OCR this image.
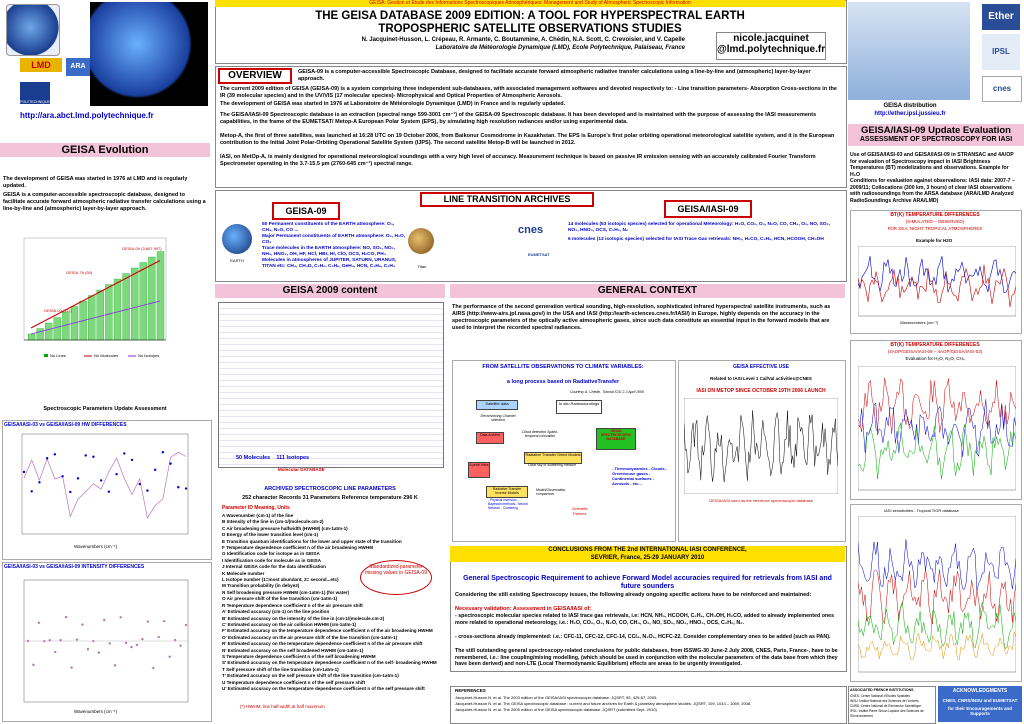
GEISA: Gestion et Etude des Informations Spectroscopiques Atmosphériques: Management and Study of Atmospheric Spectroscopic Information
THE GEISA DATABASE 2009 EDITION: A TOOL FOR HYPERSPECTRAL EARTH
TROPOSPHERIC SATELLITE OBSERVATIONS STUDIES
N. Jacquinet-Husson, L. Crépeau, R. Armante, C. Boutammine, A. Chédin, N.A. Scott, C. Crevoisier, and V. Capelle
Laboratoire de Météorologie Dynamique (LMD), Ecole Polytechnique, Palaiseau, France
nicole.jacquinet
@lmd.polytechnique.fr
LMD	ARA
POLYTECHNIQUE
http://ara.abct.lmd.polytechnique.fr
Ether
IPSL
cnes
GEISA distribution
http://ether.ipsl.jussieu.fr
GEISA Evolution
The development of GEISA was started in 1976 at LMD and is regularly updated.
GEISA is a computer-accessible spectroscopic database, designed to facilitate accurate forward atmospheric radiative transfer calculations using a line-by-line and (atmospheric) layer-by-layer approach.
GEISA-09 (3,807,997)
GEISA-03 (111)
GEISA-76 (50)
No Lines	No Molecules	No Isotopes
Spectroscopic Parameters Update Assessment
GEISA/IASI-03 vs GEISA/IASI-09 HW DIFFERENCES
Wavenumbers (cm⁻¹)
GEISA/IASI-03 vs GEISA/IASI-09 INTENSITY DIFFERENCES
Wavenumbers (cm⁻¹)
OVERVIEW	GEISA-09 is a computer-accessible Spectroscopic Database, designed to facilitate accurate forward atmospheric radiative transfer calculations using a line-by-line and (atmospheric) layer-by-layer approach.
The current 2009 edition of GEISA (GEISA-09) is a system comprising three independent sub-databases, with associated management softwares and devoted respectively to: - Line transition parameters- Absorption Cross-sections in the IR (39 molecular species) and in the UV/VIS (17 molecular species)- Microphysical and Optical Properties of Atmospheric Aerosols.
The development of GEISA was started in 1976 at Laboratoire de Météorologie Dynamique (LMD) in France and is regularly updated.
The GEISA/IASI-09 Spectroscopic database is an extraction (spectral range 599-3001 cm⁻¹) of the GEISA-09 Spectroscopic database. It has been developed and is maintained with the purpose of assessing the IASI measurements capabilities, in the frame of the EUMETSAT/ Metop-A European Polar System (EPS), by simulating high resolution radiances and/or using experimental data.
Metop-A, the first of three satellites, was launched at 16:28 UTC on 19 October 2006, from Baikonur Cosmodrome in Kazakhstan. The EPS is Europe's first polar orbiting operational meteorological satellite system, and it is the European contribution to the Initial Joint Polar-Orbiting Operational Satellite System (IJPS). The second satellite Metop-B will be launched in 2012.
IASI, on MetOp-A, is mainly designed for operational meteorological soundings with a very high level of accuracy. Measurement technique is based on passive IR emission sensing with an accurately calibrated Fourier Transform Spectrometer operating in the 3.7-15.5 µm (2760-645 cm⁻¹) spectral range.
LINE TRANSITION ARCHIVES
GEISA-09	GEISA/IASI-09
EARTH
Titan
50 Permanent constituents of the EARTH atmosphere: O₃, CH₄, N₂O, CO ...
Major Permanent constituents of EARTH atmosphere: O₂, H₂O, CO₂
Trace molecules in the EARTH atmosphere: NO, SO₂, NO₂, NH₃, HNO₃, OH, HF, HCl, HBr, HI, ClO, OCS, H₂CO, PH₃
Molecules in atmospheres of JUPITER, SATURN, URANUS, TITAN etc: CH₄, CH₃D, C₂H₂, C₂H₆, GeH₄, HCN, C₃H₈, C₂H₄
cnes
EUMETSAT
14 molecules (53 isotopic species) selected for operational Meteorology: H₂O, CO₂, O₃, N₂O, CO, CH₄, O₂, NO, SO₂, NO₂, HNO₃, OCS, C₂H₂, N₂
6 molecules (13 isotopic species) selected for IASI Trace Gas retrievals: NH₃, H₂CO, C₂H₆, HCN, HCOOH, CH₃OH
GEISA 2009 content
50 Molecules 111 Isotopes
Molecular DATABASE
ARCHIVED SPECTROSCOPIC LINE PARAMETERS
252 character Records 31 Parameters Reference temperature 296 K
Parameter ID Meaning, Units
A Wavenumber (cm-1) of the line
B Intensity of the line in (cm-1/(molecule.cm-2)
C Air broadening pressure halfwidth (HWHM) (cm-1atm-1)
D Energy of the lower transition level (cm-1)
E Transition quantum identifications for the lower and upper state of the transition
F Temperature dependence coefficient n of the air broadening HWHM
G Identification code for isotope as in GEISA
I Identification code for molecule as in GEISA
J Internal GEISA code for the data identification
K Molecule number
L Isotope number (1=most abundant, 2= second...etc)
M Transition probability (in debye2)
N Self broadening pressure HWHM (cm-1atm-1) (for water)
O Air pressure shift of the line transition (cm-1atm-1)
R Temperature dependence coefficient n of the air pressure shift
A' Estimated accuracy (cm-1) on the line position
B' Estimated accuracy on the intensity of the line in (cm-1/(molecule.cm-2)
C' Estimated accuracy on the air collision HWHM (cm-1atm-1)
F' Estimated accuracy on the temperature dependence coefficient n of the air broadening HWHM
O' Estimated accuracy on the air pressure shift of the line transition (cm-1atm-1)
R' Estimated accuracy on the temperature dependence coefficient n of the air pressure shift
N' Estimated accuracy on the self broadened HWHM (cm-1atm-1)
S Temperature dependence coefficient n of the self broadening HWHM
S' Estimated accuracy on the temperature dependence coefficient n of the self- broadening HWHM
T Self pressure shift of the line transition (cm-1atm-1)
T' Estimated accuracy on the self pressure shift of the line transition (cm-1atm-1)
U Temperature dependence coefficient n of the self pressure shift
U' Estimated accuracy on the temperature dependence coefficient n of the self pressure shift
(*) HWHM: line half-width at half maximum
Standardized parameter missing values in GEISA-09
GENERAL CONTEXT
The performance of the second generation vertical sounding, high-resolution, sophisticated infrared hyperspectral satellite instruments, such as AIRS (http://www-airs.jpl.nasa.gov/) in the USA and IASI (http://earth-sciences.cnes.fr/IASI/) in Europe, highly depends on the accuracy in the spectroscopic parameters of the optically active atmospheric gases, since such data constitute an essential input in the forward models that are used to interpret the recorded spectral radiances.
FROM SATELLITE OBSERVATIONS TO CLIMATE VARIABLES:
a long process based on RadiativeTransfer
Courtesy A. Chédin, Tutorial ICSI 2-3 April 2006
Satellite data	In situ Radiosoundings
Deconvolving Channel selection
Data Archive
Cloud detection Spatio-temporal colocation
GEISA SPECTROSCOPIC DATABASE
Radiative Transfer Direct Models
Clear sky or scattering medium
A priori infos
Radiative Transfer Inverse Models
- Physical inversion - Bayesian methods - Neural Network - Clustering
Model/Observation comparison
Scientific Themes
- Thermodynamics - Clouds - Greenhouse gases - Continental surfaces - Aerosols - etc...
GEISA EFFECTIVE USE
Related to IASI Level 1 Cal/Val activities@CNES
IASI ON METOP SINCE OCTOBER 19TH 2006 LAUNCH
GEISA/IASI used as the reference spectroscopic database
CONCLUSIONS FROM THE 2nd INTERNATIONAL IASI CONFERENCE,
SEVRIER, France, 25-29 JANUARY 2010
General Spectroscopic Requirement to achieve Forward Model accuracies required for retrievals from IASI and future sounders
Considering the still existing Spectroscopy issues, the following already ongoing specific actions have to be reinforced and maintained:
Necessary validation: Assessment in GEISA/IASI of:
- spectroscopic molecular species related to IASI trace gas retrievals, i.e: HCN, NH₃, HCOOH, C₂H₆, CH₃OH, H₂CO, added to already implemented ones more related to operational meteorology, i.e.: H₂O, CO₂, O₃, N₂O, CO, CH₄, O₂, NO, SO₂, NO₂, HNO₃, OCS, C₂H₂, N₂.
- cross-sections already implemented: i.e.: CFC-11, CFC-12, CFC-14, CCl₄, N₂O₅, HCFC-22. Consider complementary ones to be added (such as PAN).
The still outstanding general spectroscopy-related conclusions for public databases, from ISSWG-30 June-2 July 2008, CNES, Paris, France-, have to be remembered, i.e.: line coupling/mixing modelling, (which should be used in conjunction with the molecular parameters of the data base from which they have been derived) and non-LTE (Local Thermodynamic Equilibrium) effects are areas to be urgently investigated.
REFERENCES
Jacquinet-Husson N. et al. The 2003 edition of the GEISA/IASI spectroscopic database. JQSRT, 95, 429-67, 2005.
Jacquinet-Husson N. et al. The GEISA spectroscopic database : current and future archives for Earth & planetary atmosphere studies. JQSRT, 109, 1043 – 1059, 2008.
Jacquinet-Husson N. et al. The 2009 edition of the GEISA spectroscopic database. JQSRT (submitted Sept. 2010)
GEISA/IASI-09 Update Evaluation
ASSESSMENT OF SPECTROSCOPY FOR IASI
Use of GEISA/IASI-03 and GEISA/IASI-09 in STRANSAC and 4A/OP for evaluation of Spectroscopy impact in IASI Brightness Temperatures (BT) modelizations and observations. Example for H₂O
Conditions for evaluation against observations: IASI data: 2007-7 – 2009/11; Collocations (300 km, 3 hours) of clear IASI observations with radiosoundings from the ARSA database (ARA/LMD Analyzed RadioSoundings Archive ARA/LMD)
BT(K) TEMPERATURE DIFFERENCES
(SIMULATED – OBSERVED)
FOR SEA, NIGHT TROPICAL ATMOSPHERES
Example for H2O
Wavenumbers (cm⁻¹)
BT(K) TEMPERATURE DIFFERENCES
(4AOP/GEISA/IASI-09 – 4AOP/GEISA/IASI-03)
Evaluation for H₂O, N₂O, CH₄
IASI sensitivities - Tropical TIGR database
ASSOCIATED FRENCH INSTITUTIONS
CNES: Centre National d'Etudes Spatiales
INSU: Institut National des Sciences de l'Univers
CNRS: Centre National de Recherche Scientifique
IPSL: Institut Pierre Simon Laplace des Sciences de l'Environnement
ACKNOWLEDGMENTS
CNES, CNRS/INSU and EUMETSAT
for their Encouragements and Supports
